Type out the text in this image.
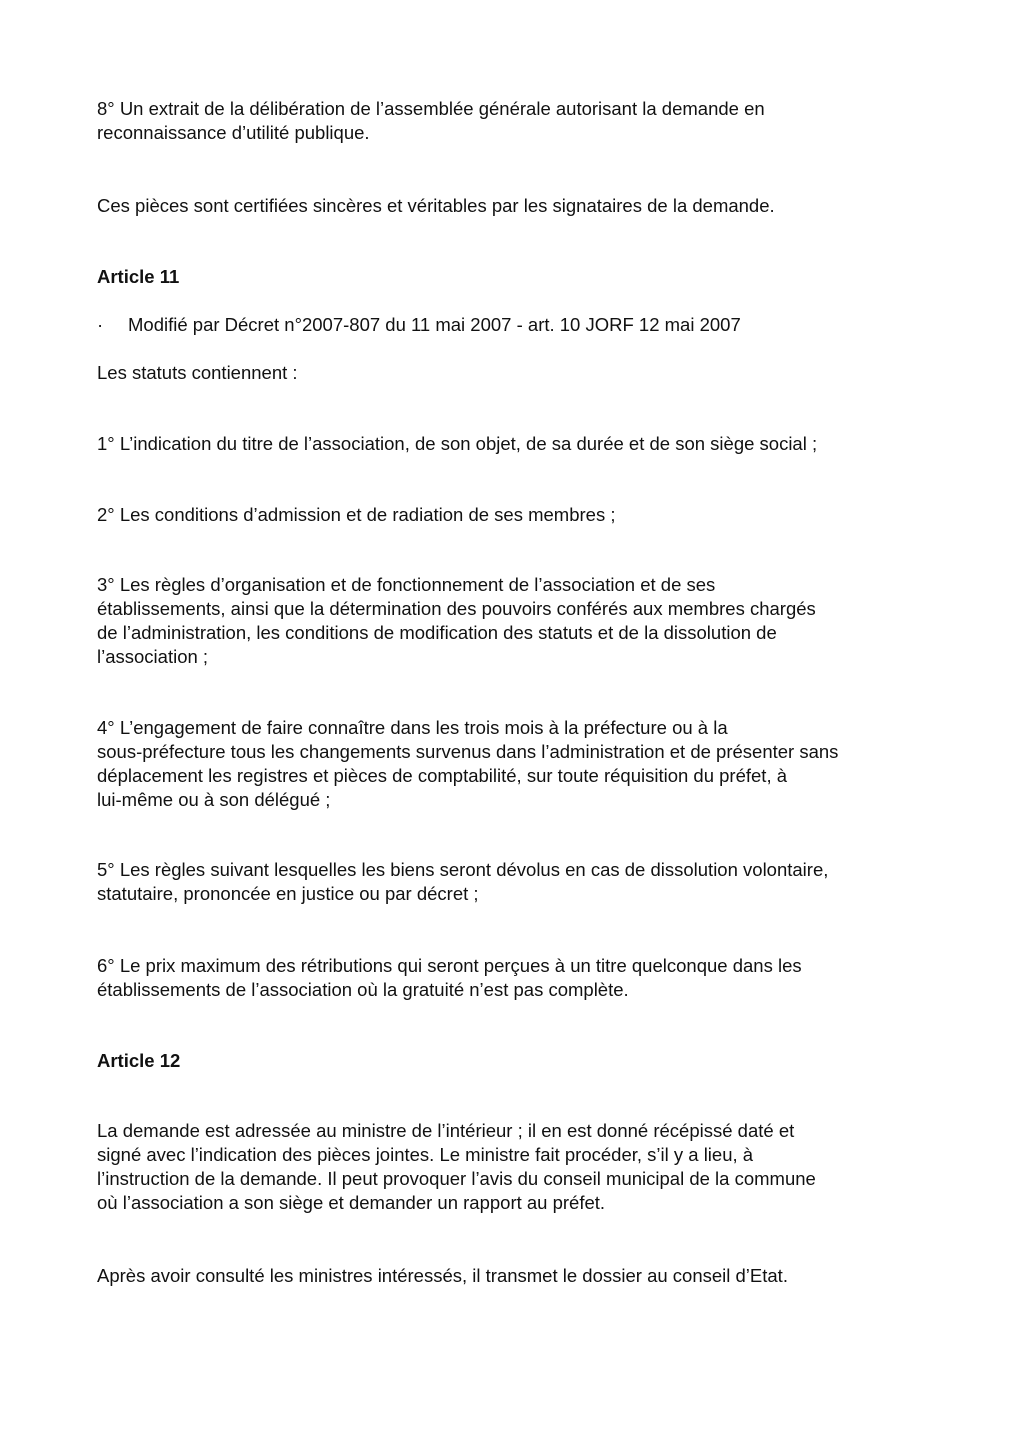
8° Un extrait de la délibération de l’assemblée générale autorisant la demande en
reconnaissance d’utilité publique.

Ces pièces sont certifiées sincères et véritables par les signataires de la demande.

Article 11

· Modifié par Décret n°2007-807 du 11 mai 2007 - art. 10 JORF 12 mai 2007

Les statuts contiennent :

1° L’indication du titre de l’association, de son objet, de sa durée et de son siège social ;

2° Les conditions d’admission et de radiation de ses membres ;

3° Les règles d’organisation et de fonctionnement de l’association et de ses
établissements, ainsi que la détermination des pouvoirs conférés aux membres chargés
de l’administration, les conditions de modification des statuts et de la dissolution de
l’association ;

4° L’engagement de faire connaître dans les trois mois à la préfecture ou à la
sous-préfecture tous les changements survenus dans l’administration et de présenter sans
déplacement les registres et pièces de comptabilité, sur toute réquisition du préfet, à
lui-même ou à son délégué ;

5° Les règles suivant lesquelles les biens seront dévolus en cas de dissolution volontaire,
statutaire, prononcée en justice ou par décret ;

6° Le prix maximum des rétributions qui seront perçues à un titre quelconque dans les
établissements de l’association où la gratuité n’est pas complète.

Article 12

La demande est adressée au ministre de l’intérieur ; il en est donné récépissé daté et
signé avec l’indication des pièces jointes. Le ministre fait procéder, s’il y a lieu, à
l’instruction de la demande. Il peut provoquer l’avis du conseil municipal de la commune
où l’association a son siège et demander un rapport au préfet.

Après avoir consulté les ministres intéressés, il transmet le dossier au conseil d’Etat.
